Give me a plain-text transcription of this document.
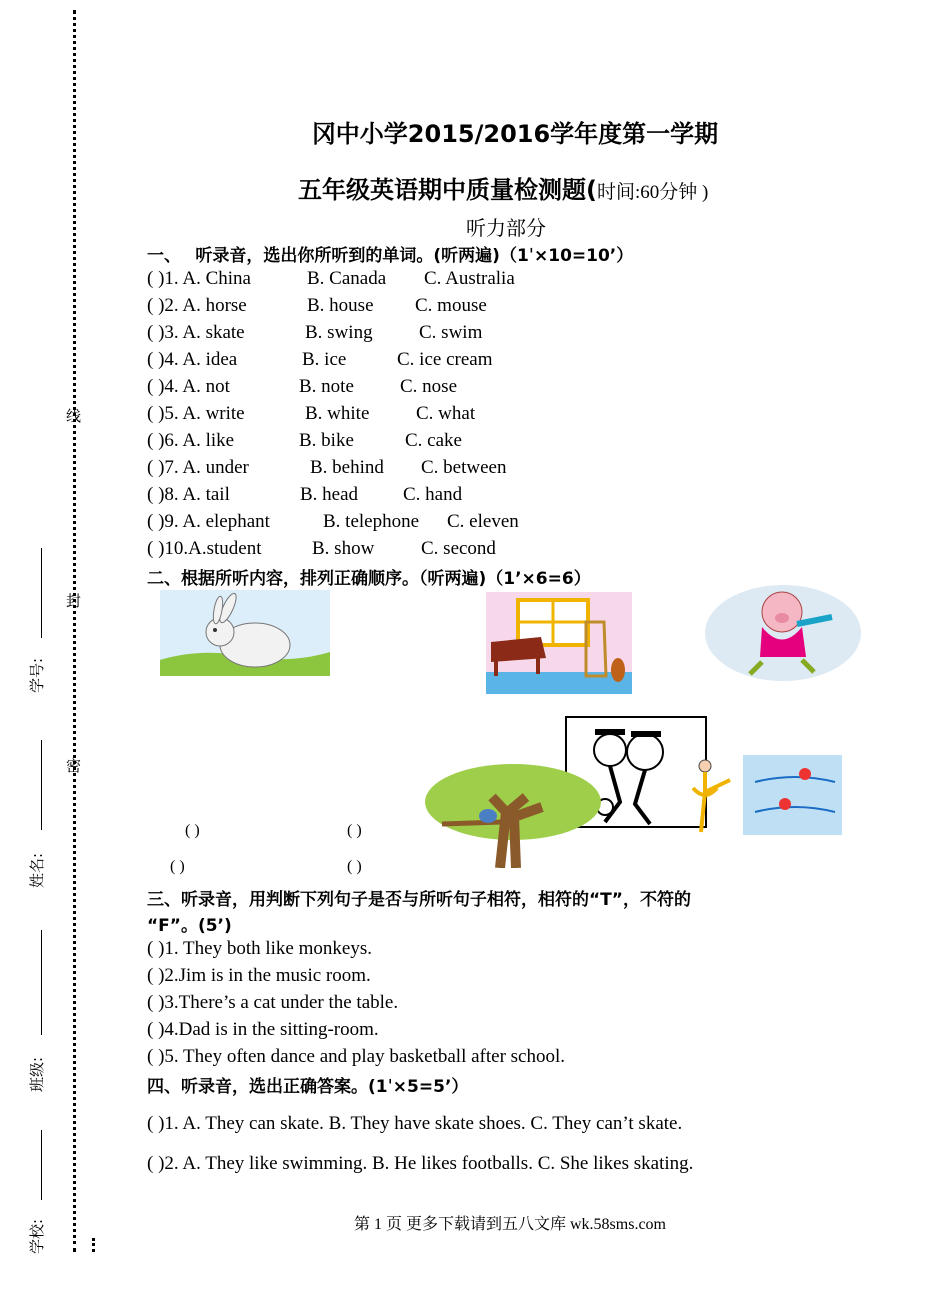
线
封
密
学校:
班级:
姓名:
学号:
冈中小学2015/2016学年度第一学期
五年级英语期中质量检测题(时间:60分钟 )
听力部分
一、　 听录音，选出你所听到的单词。(听两遍)（1ˈ×10=10’）
( )1. A. China	B. Canada C. Australia
( )2. A. horse	B. house C. mouse
( )3. A. skate	B. swing C. swim
( )4. A. idea	B. ice	C. ice cream
( )4. A. not	B. note C. nose
( )5. A. write	B. white C. what
( )6. A. like	B. bike	C. cake
( )7. A. under	B. behind C. between
( )8. A. tail	B. head C. hand
( )9. A. elephant	B. telephone C. eleven
( )10.A.student	B. show C. second
二、根据所听内容，排列正确顺序。（听两遍)（1’×6=6）
( )	( )
( )	( )
三、听录音，用判断下列句子是否与所听句子相符，相符的“T”，不符的
“F”。(5’)
( )1. They both like monkeys.
( )2.Jim is in the music room.
( )3.There’s a cat under the table.
( )4.Dad is in the sitting-room.
( )5. They often dance and play basketball after school.
四、听录音，选出正确答案。(1ˈ×5=5’）
( )1. A. They can skate. B. They have skate shoes. C. They can’t skate.
( )2. A. They like swimming. B. He likes footballs. C. She likes skating.
第 1 页 更多下载请到五八文库 wk.58sms.com
